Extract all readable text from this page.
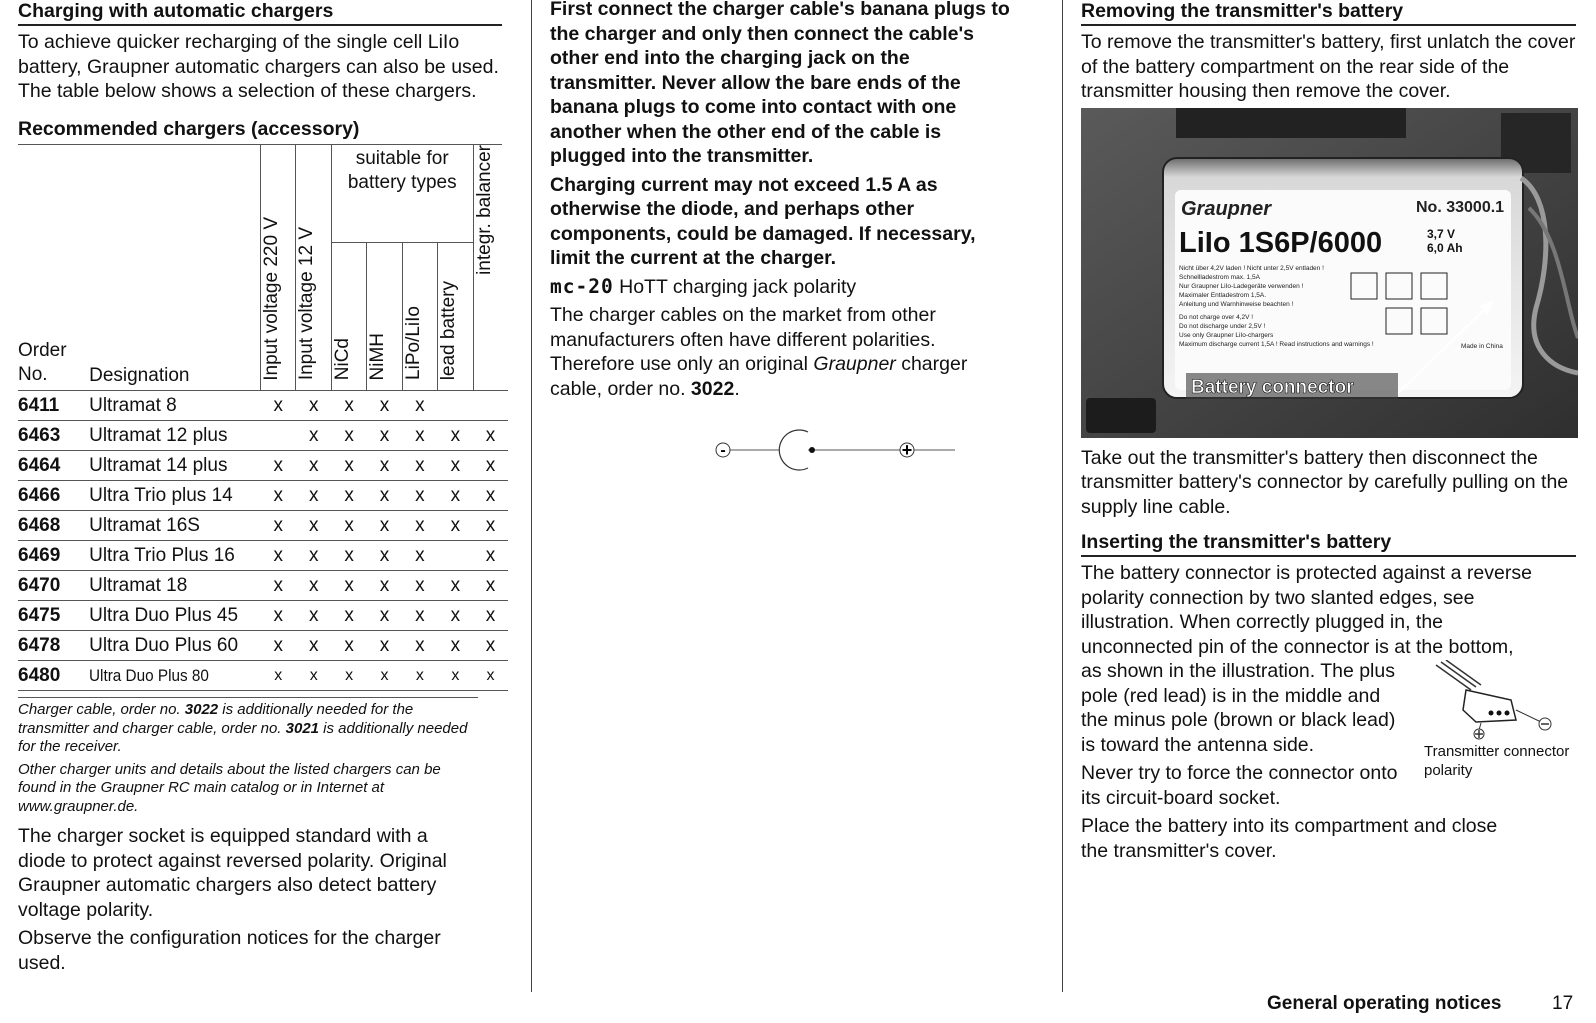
Charging with automatic chargers

To achieve quicker recharging of the single cell LiIo battery, Graupner automatic chargers can also be used. The table below shows a selection of these chargers.

Recommended chargers (accessory)
Order No.	Designation	Input voltage 220 V	Input voltage 12 V	suitable for battery types				integr. balancer
				NiCd	NiMH	LiPo/LiIo	lead battery	
6411	Ultramat 8	x	x	x	x	x		
6463	Ultramat 12 plus		x	x	x	x	x	x
6464	Ultramat 14 plus	x	x	x	x	x	x	x
6466	Ultra Trio plus 14	x	x	x	x	x	x	x
6468	Ultramat 16S	x	x	x	x	x	x	x
6469	Ultra Trio Plus 16	x	x	x	x	x		x
6470	Ultramat 18	x	x	x	x	x	x	x
6475	Ultra Duo Plus 45	x	x	x	x	x	x	x
6478	Ultra Duo Plus 60	x	x	x	x	x	x	x
6480	Ultra Duo Plus 80	x	x	x	x	x	x	x

Charger cable, order no. 3022 is additionally needed for the transmitter and charger cable, order no. 3021 is additionally needed for the receiver.

Other charger units and details about the listed chargers can be found in the Graupner RC main catalog or in Internet at www.graupner.de.

The charger socket is equipped standard with a diode to protect against reversed polarity. Original Graupner automatic chargers also detect battery voltage polarity.

Observe the configuration notices for the charger used.

First connect the charger cable's banana plugs to the charger and only then connect the cable's other end into the charging jack on the transmitter. Never allow the bare ends of the banana plugs to come into contact with one another when the other end of the cable is plugged into the transmitter.

Charging current may not exceed 1.5 A as otherwise the diode, and perhaps other components, could be damaged. If necessary, limit the current at the charger.

mc-20 HoTT charging jack polarity

The charger cables on the market from other manufacturers often have different polarities. Therefore use only an original Graupner charger cable, order no. 3022.

-	+
Removing the transmitter's battery

To remove the transmitter's battery, first unlatch the cover of the battery compartment on the rear side of the transmitter housing then remove the cover.

Graupner	No. 33000.1
LiIo 1S6P/6000	3,7 V
6,0 Ah
Nicht über 4,2V laden ! Nicht unter 2,5V entladen !
Schnellladestrom max. 1,5A
Nur Graupner LiIo-Ladegeräte verwenden !
Maximaler Entladestrom 1,5A.
Anleitung und Warnhinweise beachten !
Do not charge over 4,2V !
Do not discharge under 2,5V !
Use only Graupner LiIo-chargers
Maximum discharge current 1,5A ! Read instructions and warnings !	Made in China
Battery connector

Take out the transmitter's battery then disconnect the transmitter battery's connector by carefully pulling on the supply line cable.

Inserting the transmitter's battery

The battery connector is protected against a reverse polarity connection by two slanted edges, see illustration. When correctly plugged in, the unconnected pin of the connector is at the bottom,

as shown in the illustration. The plus pole (red lead) is in the middle and the minus pole (brown or black lead) is toward the antenna side.

Never try to force the connector onto its circuit-board socket.

Place the battery into its compartment and close the transmitter's cover.

Transmitter connector polarity
General operating notices	17
